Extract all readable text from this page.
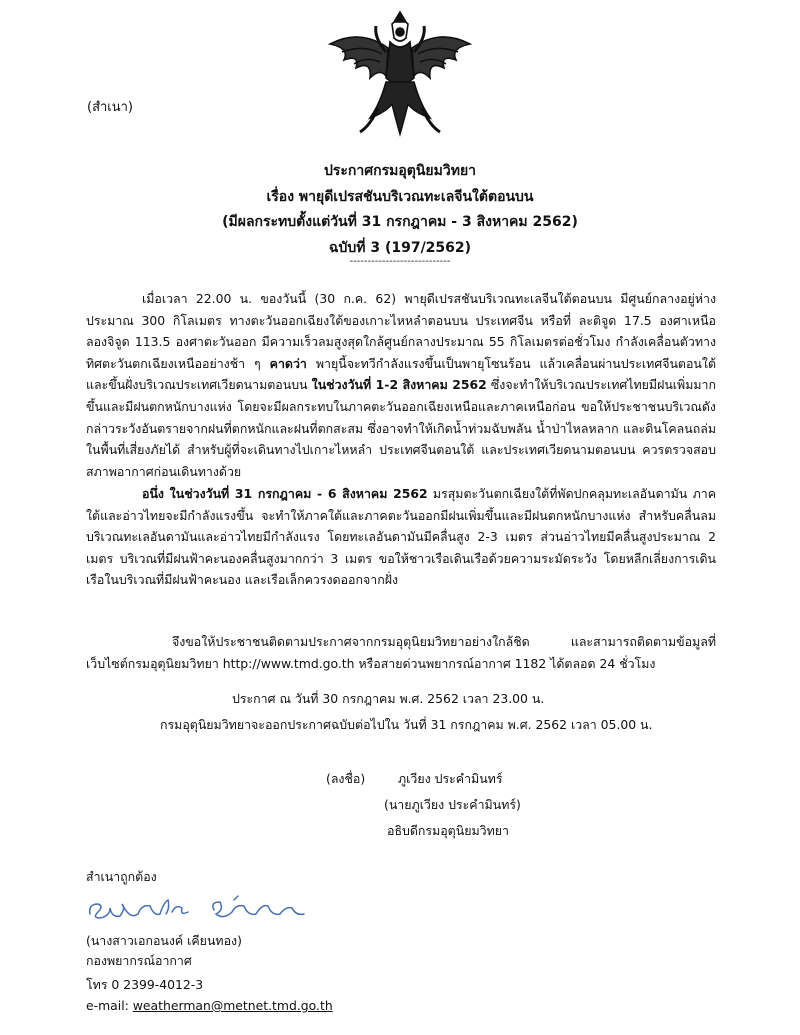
(สำเนา)
ประกาศกรมอุตุนิยมวิทยา
เรื่อง พายุดีเปรสชันบริเวณทะเลจีนใต้ตอนบน
(มีผลกระทบตั้งแต่วันที่ 31 กรกฎาคม - 3 สิงหาคม 2562)
ฉบับที่ 3 (197/2562)
----------------------------
เมื่อเวลา 22.00 น. ของวันนี้ (30 ก.ค. 62) พายุดีเปรสชันบริเวณทะเลจีนใต้ตอนบน มีศูนย์กลางอยู่ห่างประมาณ 300 กิโลเมตร ทางตะวันออกเฉียงใต้ของเกาะไหหลำตอนบน ประเทศจีน หรือที่ ละติจูด 17.5 องศาเหนือ ลองจิจูด 113.5 องศาตะวันออก มีความเร็วลมสูงสุดใกล้ศูนย์กลางประมาณ 55 กิโลเมตรต่อชั่วโมง กำลังเคลื่อนตัวทางทิศตะวันตกเฉียงเหนืออย่างช้า ๆ คาดว่า พายุนี้จะทวีกำลังแรงขึ้นเป็นพายุโซนร้อน แล้วเคลื่อนผ่านประเทศจีนตอนใต้ และขึ้นฝั่งบริเวณประเทศเวียดนามตอนบน ในช่วงวันที่ 1-2 สิงหาคม 2562 ซึ่งจะทำให้บริเวณประเทศไทยมีฝนเพิ่มมากขึ้นและมีฝนตกหนักบางแห่ง โดยจะมีผลกระทบในภาคตะวันออกเฉียงเหนือและภาคเหนือก่อน ขอให้ประชาชนบริเวณดังกล่าวระวังอันตรายจากฝนที่ตกหนักและฝนที่ตกสะสม ซึ่งอาจทำให้เกิดน้ำท่วมฉับพลัน น้ำป่าไหลหลาก และดินโคลนถล่มในพื้นที่เสี่ยงภัยได้ สำหรับผู้ที่จะเดินทางไปเกาะไหหลำ ประเทศจีนตอนใต้ และประเทศเวียดนามตอนบน ควรตรวจสอบสภาพอากาศก่อนเดินทางด้วย
อนึ่ง ในช่วงวันที่ 31 กรกฎาคม - 6 สิงหาคม 2562 มรสุมตะวันตกเฉียงใต้ที่พัดปกคลุมทะเลอันดามัน ภาคใต้และอ่าวไทยจะมีกำลังแรงขึ้น จะทำให้ภาคใต้และภาคตะวันออกมีฝนเพิ่มขึ้นและมีฝนตกหนักบางแห่ง สำหรับคลื่นลมบริเวณทะเลอันดามันและอ่าวไทยมีกำลังแรง โดยทะเลอันดามันมีคลื่นสูง 2-3 เมตร ส่วนอ่าวไทยมีคลื่นสูงประมาณ 2 เมตร บริเวณที่มีฝนฟ้าคะนองคลื่นสูงมากกว่า 3 เมตร ขอให้ชาวเรือเดินเรือด้วยความระมัดระวัง โดยหลีกเลี่ยงการเดินเรือในบริเวณที่มีฝนฟ้าคะนอง และเรือเล็กควรงดออกจากฝั่ง
จึงขอให้ประชาชนติดตามประกาศจากกรมอุตุนิยมวิทยาอย่างใกล้ชิด และสามารถติดตามข้อมูลที่เว็บไซต์กรมอุตุนิยมวิทยา http://www.tmd.go.th หรือสายด่วนพยากรณ์อากาศ 1182 ได้ตลอด 24 ชั่วโมง
ประกาศ ณ วันที่ 30 กรกฎาคม พ.ศ. 2562 เวลา 23.00 น.
กรมอุตุนิยมวิทยาจะออกประกาศฉบับต่อไปใน วันที่ 31 กรกฎาคม พ.ศ. 2562 เวลา 05.00 น.
(ลงชื่อ)	ภูเวียง ประคำมินทร์
(นายภูเวียง ประคำมินทร์)
อธิบดีกรมอุตุนิยมวิทยา
สำเนาถูกต้อง
(นางสาวเอกอนงค์ เคียนทอง)
กองพยากรณ์อากาศ
โทร 0 2399-4012-3
e-mail: weatherman@metnet.tmd.go.th
